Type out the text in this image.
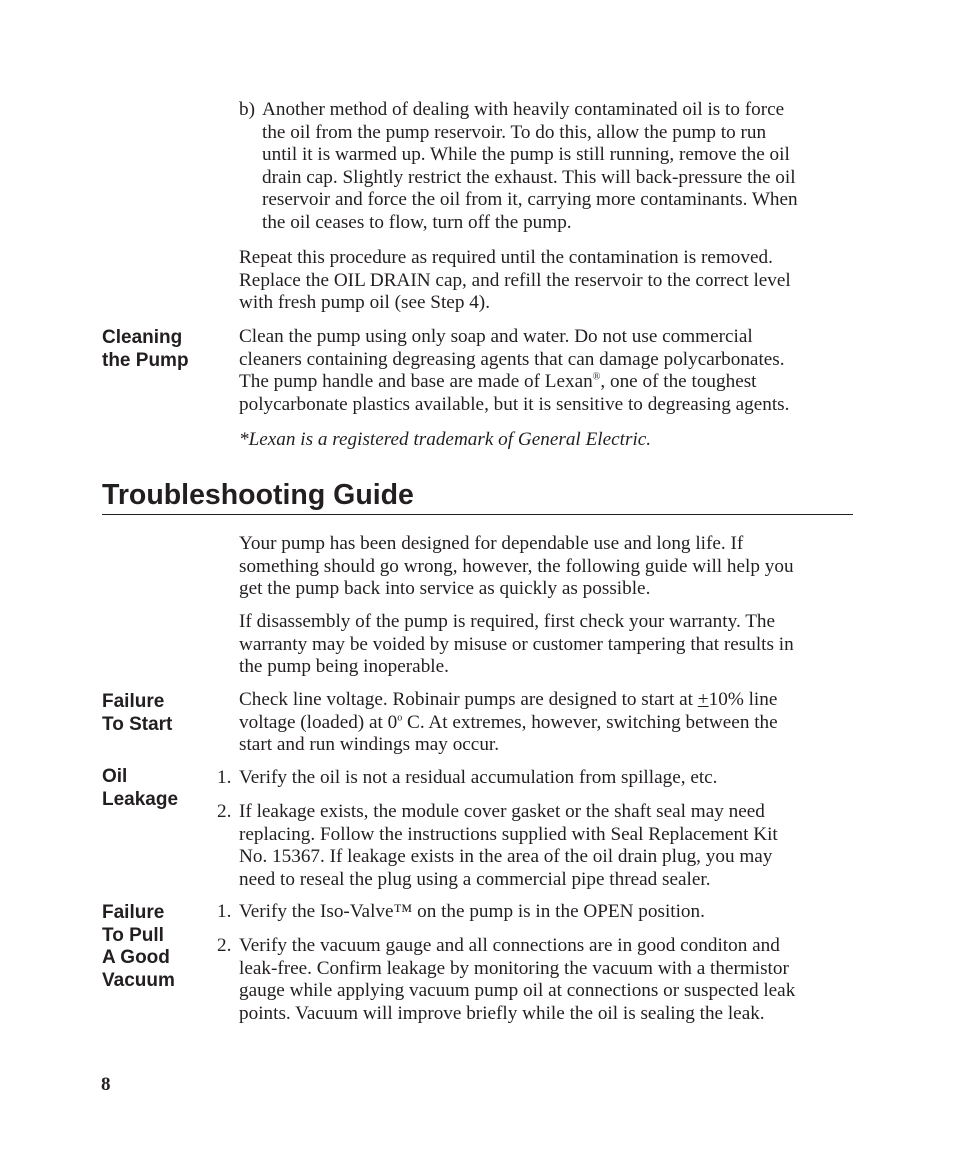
b) Another method of dealing with heavily contaminated oil is to force
the oil from the pump reservoir. To do this, allow the pump to run
until it is warmed up. While the pump is still running, remove the oil
drain cap. Slightly restrict the exhaust. This will back-pressure the oil
reservoir and force the oil from it, carrying more contaminants. When
the oil ceases to flow, turn off the pump.
Repeat this procedure as required until the contamination is removed.
Replace the OIL DRAIN cap, and refill the reservoir to the correct level
with fresh pump oil (see Step 4).
Cleaning
the Pump
Clean the pump using only soap and water. Do not use commercial
cleaners containing degreasing agents that can damage polycarbonates.
The pump handle and base are made of Lexan®, one of the toughest
polycarbonate plastics available, but it is sensitive to degreasing agents.
*Lexan is a registered trademark of General Electric.
Troubleshooting Guide
Your pump has been designed for dependable use and long life. If
something should go wrong, however, the following guide will help you
get the pump back into service as quickly as possible.
If disassembly of the pump is required, first check your warranty. The
warranty may be voided by misuse or customer tampering that results in
the pump being inoperable.
Failure
To Start
Check line voltage. Robinair pumps are designed to start at +10% line
voltage (loaded) at 0$^o$ C. At extremes, however, switching between the
start and run windings may occur.
Oil
Leakage
1. Verify the oil is not a residual accumulation from spillage, etc.
2. If leakage exists, the module cover gasket or the shaft seal may need
replacing. Follow the instructions supplied with Seal Replacement Kit
No. 15367. If leakage exists in the area of the oil drain plug, you may
need to reseal the plug using a commercial pipe thread sealer.
Failure
To Pull
A Good
Vacuum
1. Verify the Iso-Valve™ on the pump is in the OPEN position.
2. Verify the vacuum gauge and all connections are in good conditon and
leak-free. Confirm leakage by monitoring the vacuum with a thermistor
gauge while applying vacuum pump oil at connections or suspected leak
points. Vacuum will improve briefly while the oil is sealing the leak.
8
